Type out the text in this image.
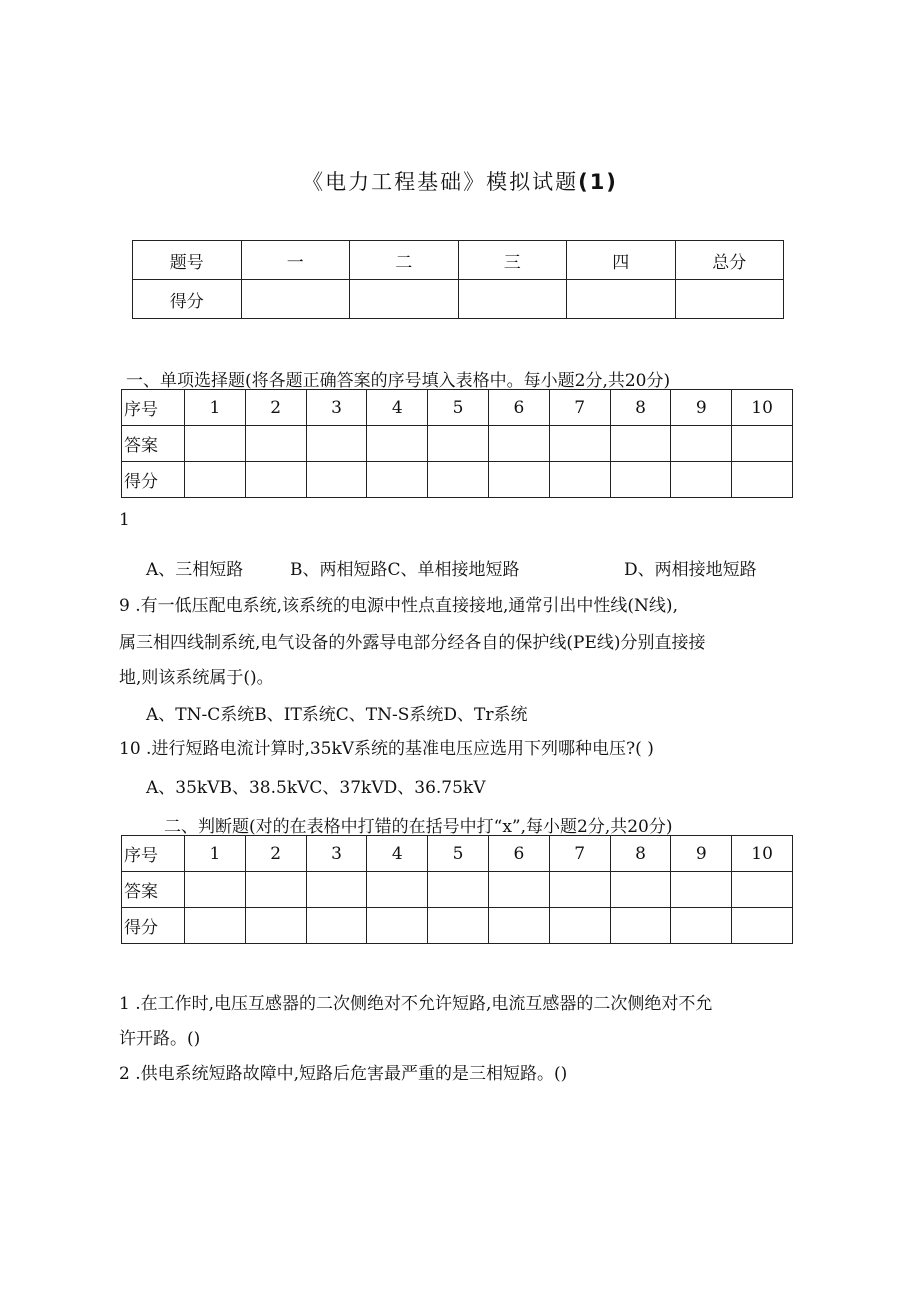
《电力工程基础》模拟试题(1)
题号	一	二	三	四	总分
得分					
一、单项选择题(将各题正确答案的序号填入表格中。每小题2分,共20分)
序号	1	2	3	4	5	6	7	8	9	10
答案										
得分										
1
A、三相短路	B、两相短路C、单相接地短路	D、两相接地短路
9 .有一低压配电系统,该系统的电源中性点直接接地,通常引出中性线(N线),
属三相四线制系统,电气设备的外露导电部分经各自的保护线(PE线)分别直接接
地,则该系统属于()。
A、TN-C系统B、IT系统C、TN-S系统D、Tr系统
10 .进行短路电流计算时,35kV系统的基准电压应选用下列哪种电压?( )
A、35kVB、38.5kVC、37kVD、36.75kV
二、判断题(对的在表格中打错的在括号中打“x”,每小题2分,共20分)
序号	1	2	3	4	5	6	7	8	9	10
答案										
得分										
1 .在工作时,电压互感器的二次侧绝对不允许短路,电流互感器的二次侧绝对不允
许开路。()
2 .供电系统短路故障中,短路后危害最严重的是三相短路。()
